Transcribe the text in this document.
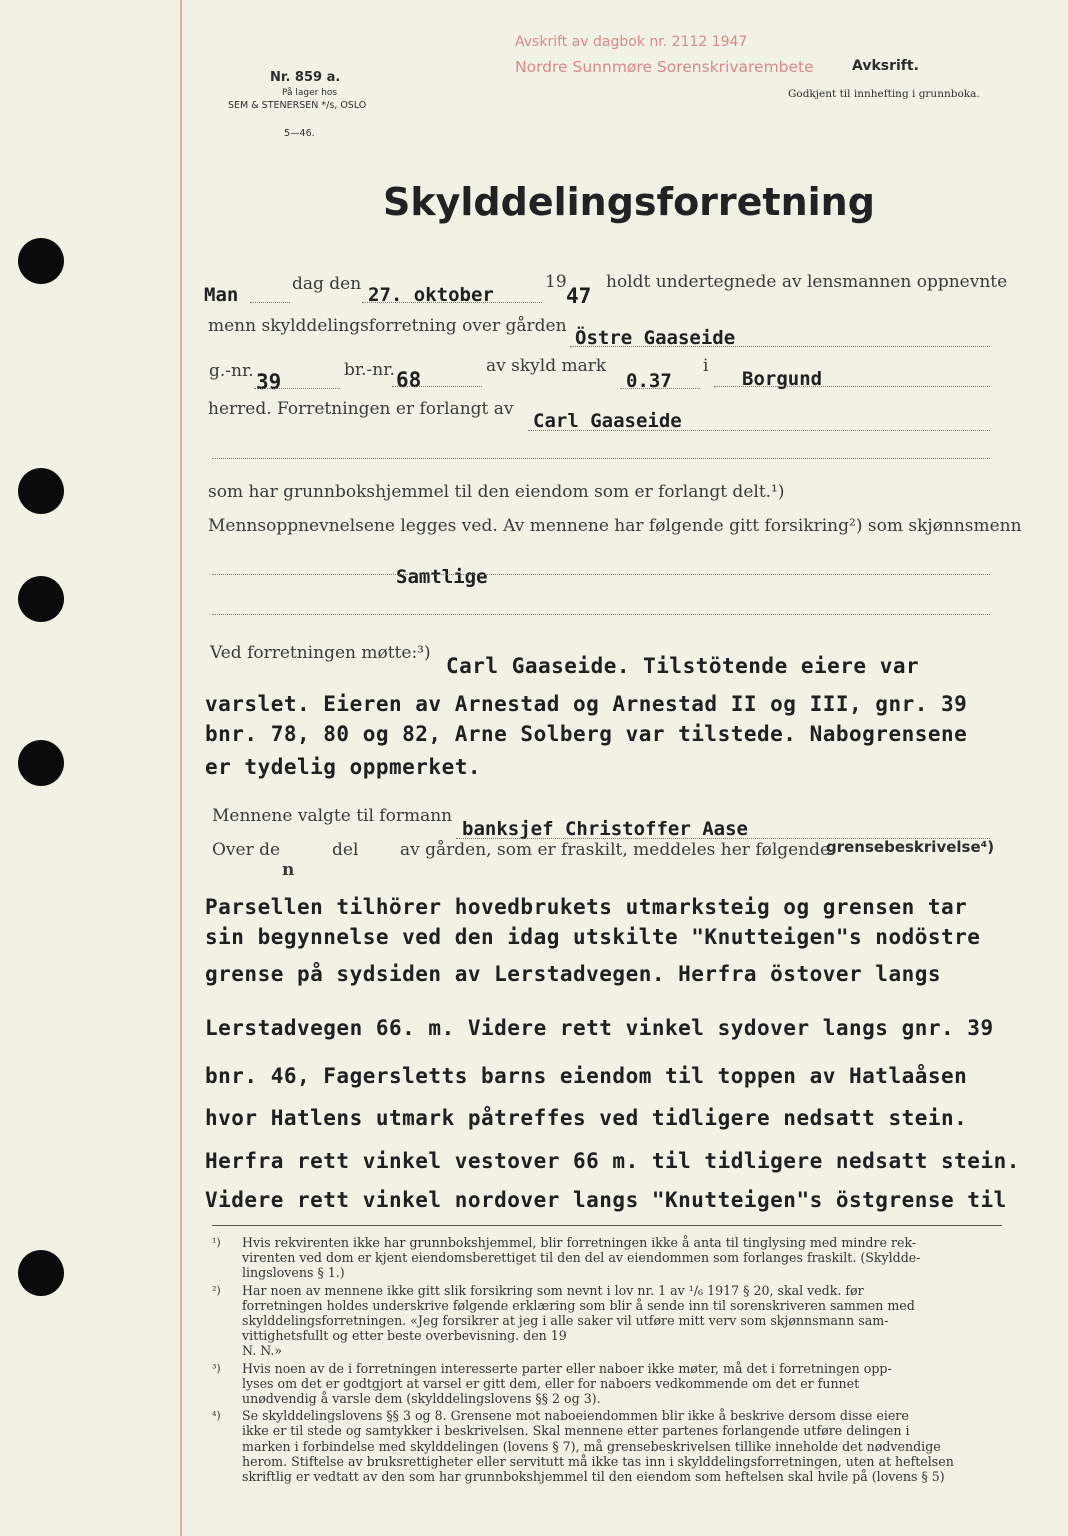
Nr. 859 a.
På lager hos
SEM & STENERSEN */s, OSLO
5—46.
Avskrift av dagbok nr. 2112 1947
Nordre Sunnmøre Sorenskrivarembete	Avksrift.
Godkjent til innhefting i grunnboka.
Skylddelingsforretning
Man	dag den 27. oktober
19
47
holdt undertegnede av lensmannen oppnevnte
menn skylddelingsforretning over gården
Östre Gaaseide
g.-nr. 39	br.-nr. 68
av skyld mark
0.37
i
Borgund
herred. Forretningen er forlangt av
Carl Gaaseide
som har grunnbokshjemmel til den eiendom som er forlangt delt.¹)
Mennsoppnevnelsene legges ved. Av mennene har følgende gitt forsikring²) som skjønnsmenn
Samtlige
Ved forretningen møtte:³)
Carl Gaaseide. Tilstötende eiere var
varslet. Eieren av Arnestad og Arnestad II og III, gnr. 39
bnr. 78, 80 og 82, Arne Solberg var tilstede. Nabogrensene
er tydelig oppmerket.
Mennene valgte til formann
banksjef Christoffer Aase
Over de
n
del av gården, som er fraskilt, meddeles her følgende
grensebeskrivelse⁴)
Parsellen tilhörer hovedbrukets utmarksteig og grensen tar
sin begynnelse ved den idag utskilte "Knutteigen"s nodöstre
grense på sydsiden av Lerstadvegen. Herfra östover langs
Lerstadvegen 66. m. Videre rett vinkel sydover langs gnr. 39
bnr. 46, Fagersletts barns eiendom til toppen av Hatlaåsen
hvor Hatlens utmark påtreffes ved tidligere nedsatt stein.
Herfra rett vinkel vestover 66 m. til tidligere nedsatt stein.
Videre rett vinkel nordover langs "Knutteigen"s östgrense til
¹)	Hvis rekvirenten ikke har grunnbokshjemmel, blir forretningen ikke å anta til tinglysing med mindre rek-
virenten ved dom er kjent eiendomsberettiget til den del av eiendommen som forlanges fraskilt. (Skyldde-
lingslovens § 1.)
²)	Har noen av mennene ikke gitt slik forsikring som nevnt i lov nr. 1 av ¹/₆ 1917 § 20, skal vedk. før
forretningen holdes underskrive følgende erklæring som blir å sende inn til sorenskriveren sammen med
skylddelingsforretningen. «Jeg forsikrer at jeg i alle saker vil utføre mitt verv som skjønnsmann sam-
vittighetsfullt og etter beste overbevisning. den 19
N. N.»
³)	Hvis noen av de i forretningen interesserte parter eller naboer ikke møter, må det i forretningen opp-
lyses om det er godtgjort at varsel er gitt dem, eller for naboers vedkommende om det er funnet
unødvendig å varsle dem (skylddelingslovens §§ 2 og 3).
⁴)	Se skylddelingslovens §§ 3 og 8. Grensene mot naboeiendommen blir ikke å beskrive dersom disse eiere
ikke er til stede og samtykker i beskrivelsen. Skal mennene etter partenes forlangende utføre delingen i
marken i forbindelse med skylddelingen (lovens § 7), må grensebeskrivelsen tillike inneholde det nødvendige
herom. Stiftelse av bruksrettigheter eller servitutt må ikke tas inn i skylddelingsforretningen, uten at heftelsen
skriftlig er vedtatt av den som har grunnbokshjemmel til den eiendom som heftelsen skal hvile på (lovens § 5)
